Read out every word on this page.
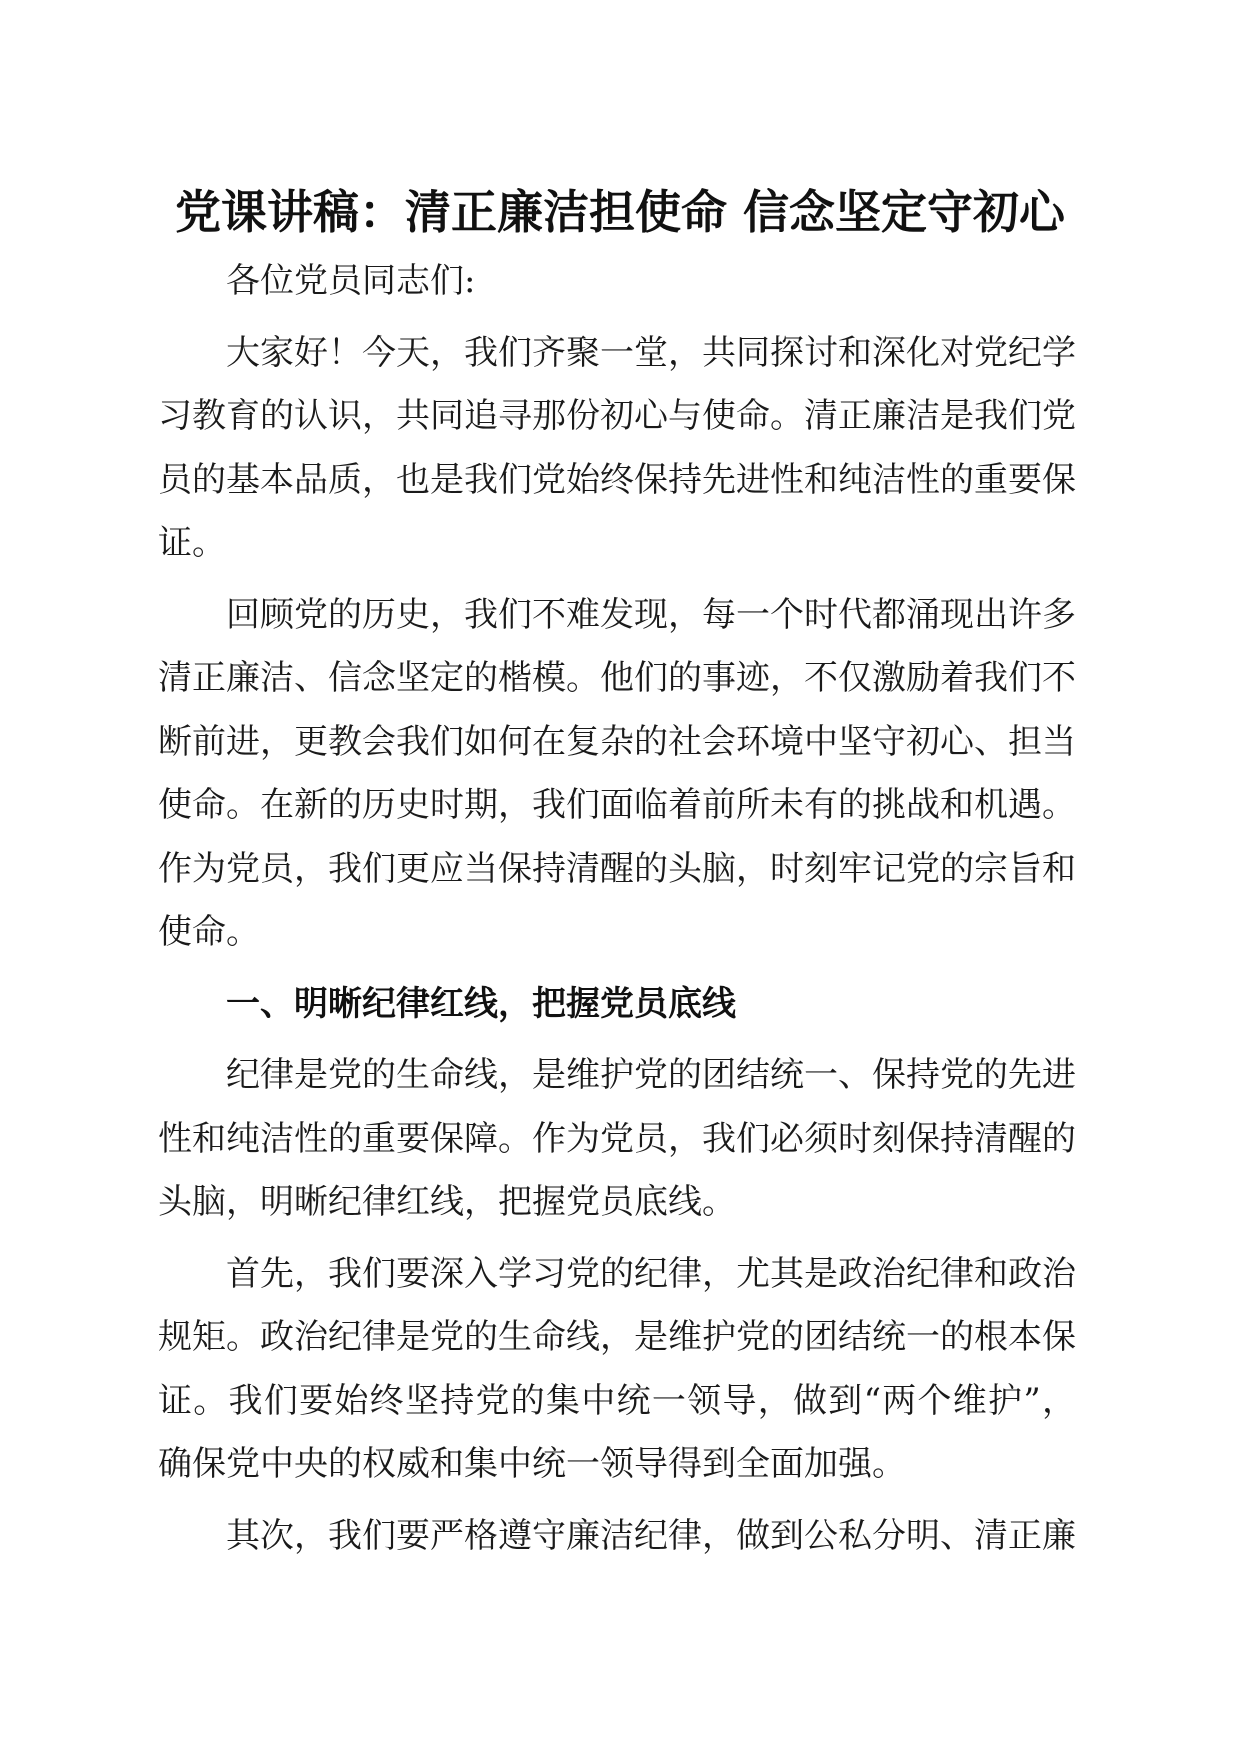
党课讲稿：清正廉洁担使命 信念坚定守初心

各位党员同志们:

大家好！今天，我们齐聚一堂，共同探讨和深化对党纪学习教育的认识，共同追寻那份初心与使命。清正廉洁是我们党员的基本品质，也是我们党始终保持先进性和纯洁性的重要保证。

回顾党的历史，我们不难发现，每一个时代都涌现出许多清正廉洁、信念坚定的楷模。他们的事迹，不仅激励着我们不断前进，更教会我们如何在复杂的社会环境中坚守初心、担当使命。在新的历史时期，我们面临着前所未有的挑战和机遇。作为党员，我们更应当保持清醒的头脑，时刻牢记党的宗旨和使命。

一、明晰纪律红线，把握党员底线

纪律是党的生命线，是维护党的团结统一、保持党的先进性和纯洁性的重要保障。作为党员，我们必须时刻保持清醒的头脑，明晰纪律红线，把握党员底线。

首先，我们要深入学习党的纪律，尤其是政治纪律和政治规矩。政治纪律是党的生命线，是维护党的团结统一的根本保证。我们要始终坚持党的集中统一领导，做到“两个维护”，确保党中央的权威和集中统一领导得到全面加强。

其次，我们要严格遵守廉洁纪律，做到公私分明、清正廉
